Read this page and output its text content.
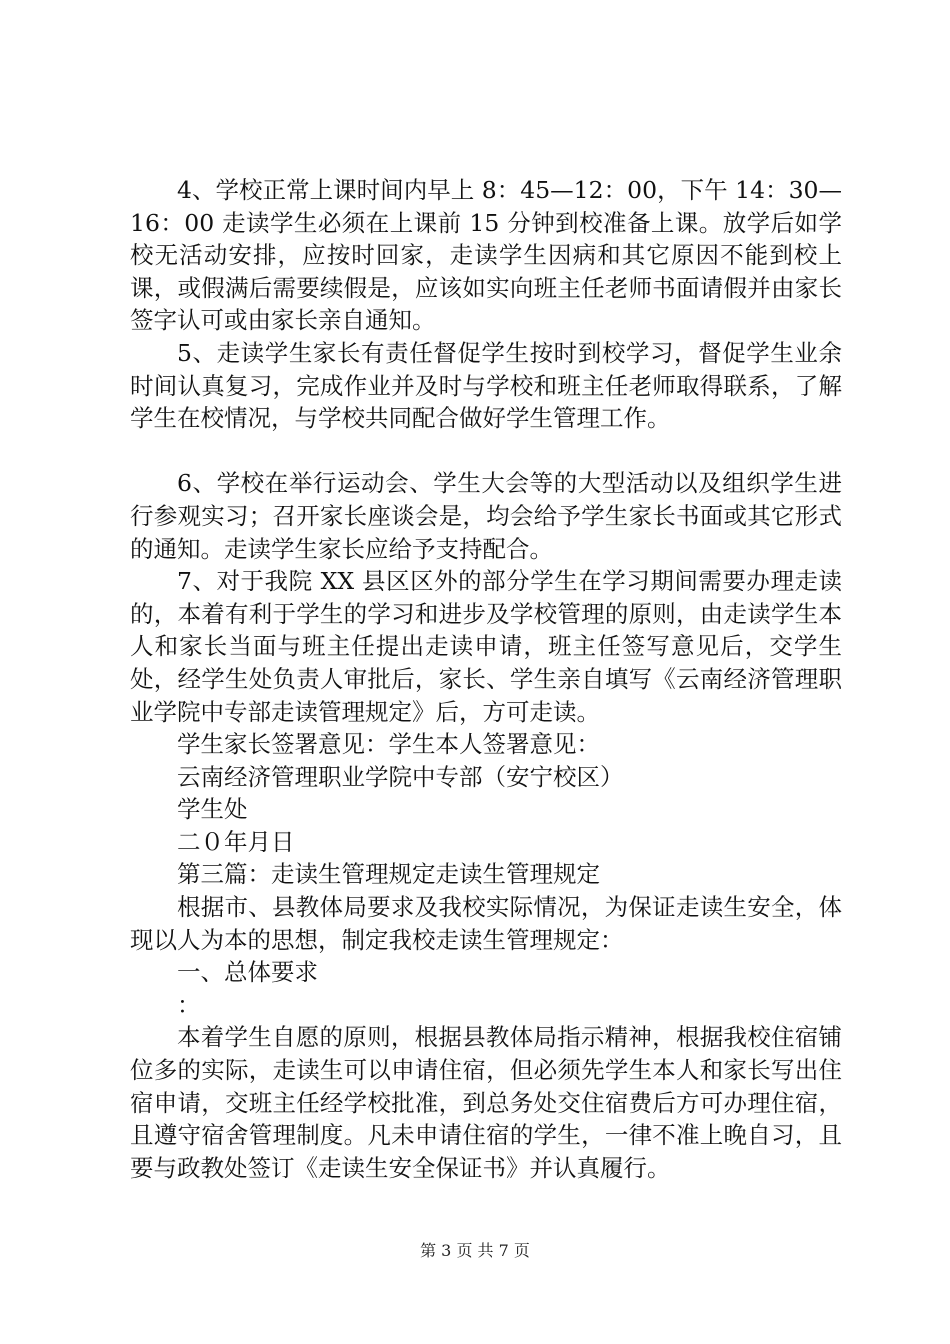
4、学校正常上课时间内早上 8：45—12：00，下午 14：30—16：00 走读学生必须在上课前 15 分钟到校准备上课。放学后如学校无活动安排，应按时回家，走读学生因病和其它原因不能到校上课，或假满后需要续假是，应该如实向班主任老师书面请假并由家长签字认可或由家长亲自通知。

5、走读学生家长有责任督促学生按时到校学习，督促学生业余时间认真复习，完成作业并及时与学校和班主任老师取得联系，了解学生在校情况，与学校共同配合做好学生管理工作。

6、学校在举行运动会、学生大会等的大型活动以及组织学生进行参观实习；召开家长座谈会是，均会给予学生家长书面或其它形式的通知。走读学生家长应给予支持配合。

7、对于我院 XX 县区区外的部分学生在学习期间需要办理走读的，本着有利于学生的学习和进步及学校管理的原则，由走读学生本人和家长当面与班主任提出走读申请，班主任签写意见后，交学生处，经学生处负责人审批后，家长、学生亲自填写《云南经济管理职业学院中专部走读管理规定》后，方可走读。

学生家长签署意见：学生本人签署意见：

云南经济管理职业学院中专部（安宁校区）

学生处

二０年月日

第三篇：走读生管理规定走读生管理规定

根据市、县教体局要求及我校实际情况，为保证走读生安全，体现以人为本的思想，制定我校走读生管理规定：

一、总体要求

：

本着学生自愿的原则，根据县教体局指示精神，根据我校住宿铺位多的实际，走读生可以申请住宿，但必须先学生本人和家长写出住宿申请，交班主任经学校批准，到总务处交住宿费后方可办理住宿，且遵守宿舍管理制度。凡未申请住宿的学生，一律不准上晚自习，且要与政教处签订《走读生安全保证书》并认真履行。

第 3 页 共 7 页
